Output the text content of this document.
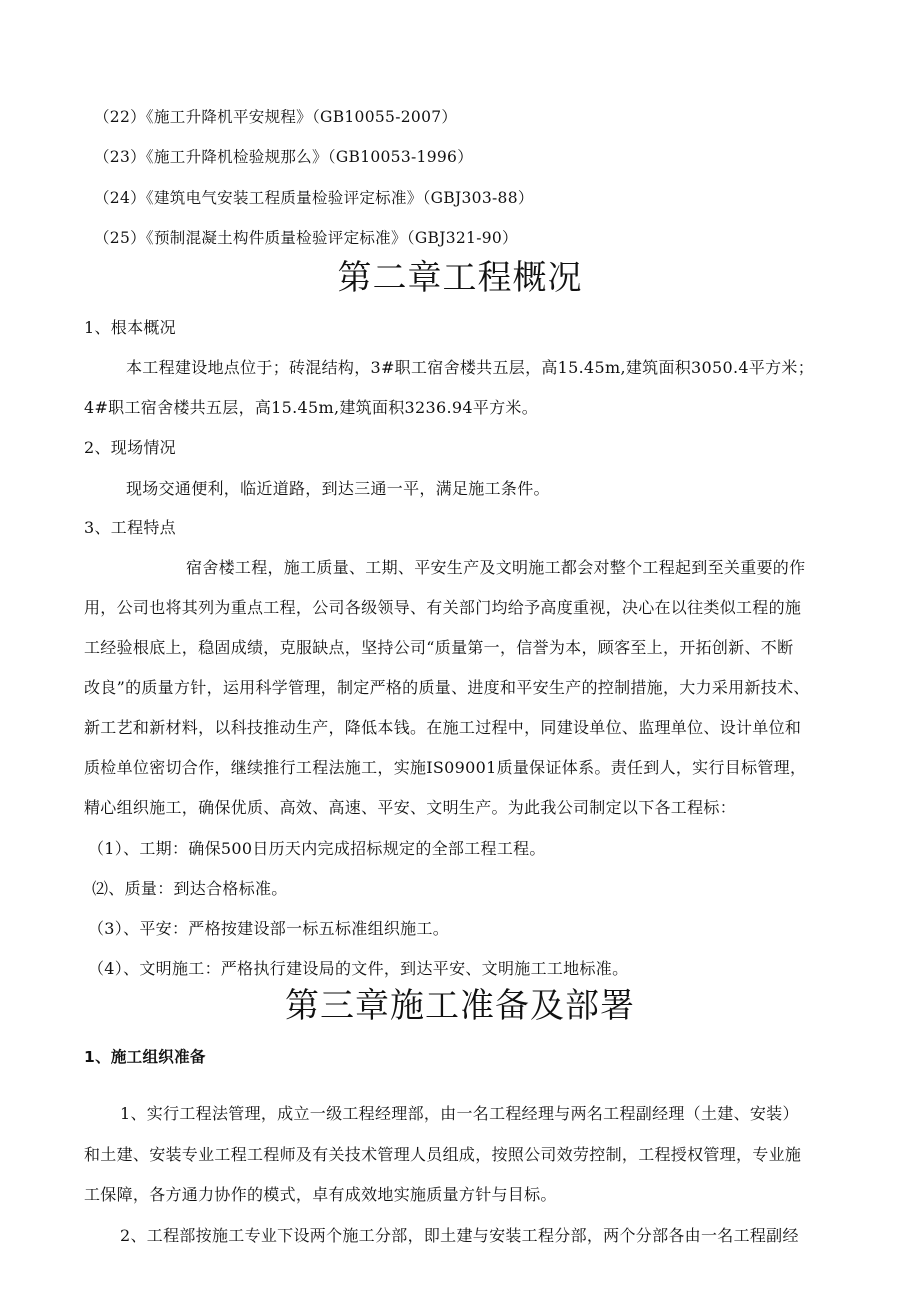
（22）《施工升降机平安规程》（GB10055-2007）
（23）《施工升降机检验规那么》（GB10053-1996）
（24）《建筑电气安装工程质量检验评定标准》（GBJ303-88）
（25）《预制混凝土构件质量检验评定标准》（GBJ321-90）
第二章工程概况
1、根本概况
本工程建设地点位于；砖混结构，3#职工宿舍楼共五层，高15.45m,建筑面积3050.4平方米；
4#职工宿舍楼共五层，高15.45m,建筑面积3236.94平方米。
2、现场情况
现场交通便利，临近道路，到达三通一平，满足施工条件。
3、工程特点
宿舍楼工程，施工质量、工期、平安生产及文明施工都会对整个工程起到至关重要的作
用，公司也将其列为重点工程，公司各级领导、有关部门均给予高度重视，决心在以往类似工程的施
工经验根底上，稳固成绩，克服缺点，坚持公司“质量第一，信誉为本，顾客至上，开拓创新、不断
改良”的质量方针，运用科学管理，制定严格的质量、进度和平安生产的控制措施，大力采用新技术、
新工艺和新材料，以科技推动生产，降低本钱。在施工过程中，同建设单位、监理单位、设计单位和
质检单位密切合作，继续推行工程法施工，实施IS09001质量保证体系。责任到人，实行目标管理，
精心组织施工，确保优质、高效、高速、平安、文明生产。为此我公司制定以下各工程标：
（1）、工期：确保500日历天内完成招标规定的全部工程工程。
⑵、质量：到达合格标准。
（3）、平安：严格按建设部一标五标准组织施工。
（4）、文明施工：严格执行建设局的文件，到达平安、文明施工工地标准。
第三章施工准备及部署
1、施工组织准备
1、实行工程法管理，成立一级工程经理部，由一名工程经理与两名工程副经理（土建、安装）
和土建、安装专业工程工程师及有关技术管理人员组成，按照公司效劳控制，工程授权管理，专业施
工保障，各方通力协作的模式，卓有成效地实施质量方针与目标。
2、工程部按施工专业下设两个施工分部，即土建与安装工程分部，两个分部各由一名工程副经
